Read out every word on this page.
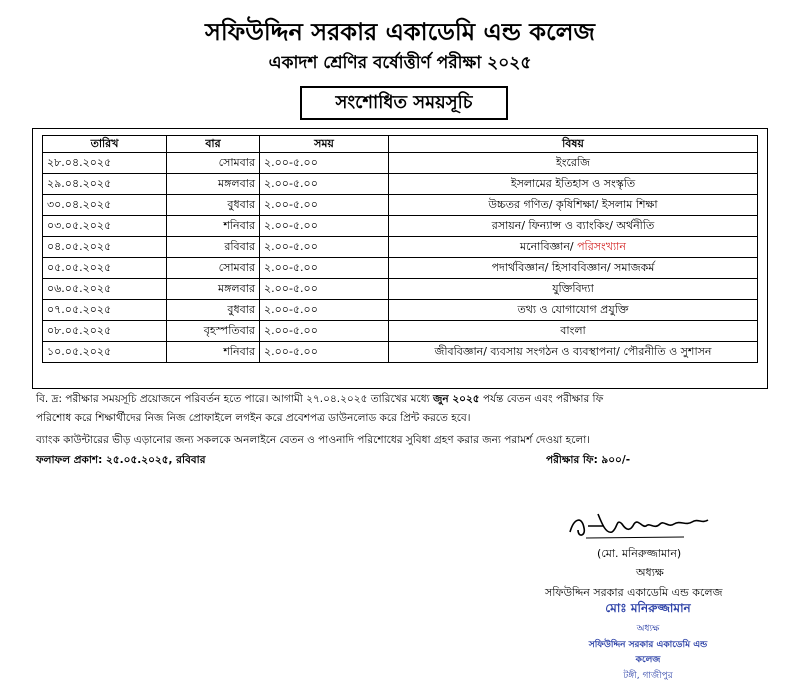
সফিউদ্দিন সরকার একাডেমি এন্ড কলেজ
একাদশ শ্রেণির বর্ষোত্তীর্ণ পরীক্ষা ২০২৫
সংশোধিত সময়সূচি
তারিখ	বার	সময়	বিষয়
২৮.০৪.২০২৫	সোমবার	২.০০-৫.০০	ইংরেজি
২৯.০৪.২০২৫	মঙ্গলবার	২.০০-৫.০০	ইসলামের ইতিহাস ও সংস্কৃতি
৩০.০৪.২০২৫	বুধবার	২.০০-৫.০০	উচ্চতর গণিত/ কৃষিশিক্ষা/ ইসলাম শিক্ষা
০৩.০৫.২০২৫	শনিবার	২.০০-৫.০০	রসায়ন/ ফিন্যান্স ও ব্যাংকিং/ অর্থনীতি
০৪.০৫.২০২৫	রবিবার	২.০০-৫.০০	মনোবিজ্ঞান/ পরিসংখ্যান
০৫.০৫.২০২৫	সোমবার	২.০০-৫.০০	পদার্থবিজ্ঞান/ হিসাববিজ্ঞান/ সমাজকর্ম
০৬.০৫.২০২৫	মঙ্গলবার	২.০০-৫.০০	যুক্তিবিদ্যা
০৭.০৫.২০২৫	বুধবার	২.০০-৫.০০	তথ্য ও যোগাযোগ প্রযুক্তি
০৮.০৫.২০২৫	বৃহস্পতিবার	২.০০-৫.০০	বাংলা
১০.০৫.২০২৫	শনিবার	২.০০-৫.০০	জীববিজ্ঞান/ ব্যবসায় সংগঠন ও ব্যবস্থাপনা/ পৌরনীতি ও সুশাসন
বি. দ্র: পরীক্ষার সময়সূচি প্রয়োজনে পরিবর্তন হতে পারে। আগামী ২৭.০৪.২০২৫ তারিখের মধ্যে জুন ২০২৫ পর্যন্ত বেতন এবং পরীক্ষার ফি
পরিশোধ করে শিক্ষার্থীদের নিজ নিজ প্রোফাইলে লগইন করে প্রবেশপত্র ডাউনলোড করে প্রিন্ট করতে হবে।
ব্যাংক কাউন্টারের ভীড় এড়ানোর জন্য সকলকে অনলাইনে বেতন ও পাওনাদি পরিশোধের সুবিধা গ্রহণ করার জন্য পরামর্শ দেওয়া হলো।
ফলাফল প্রকাশ: ২৫.০৫.২০২৫, রবিবার	পরীক্ষার ফি: ৯০০/-
(মো. মনিরুজ্জামান)
অধ্যক্ষ
সফিউদ্দিন সরকার একাডেমি এন্ড কলেজ
মোঃ মনিরুজ্জামান
অধ্যক্ষ
সফিউদ্দিন সরকার একাডেমি এন্ড কলেজ
টঙ্গী, গাজীপুর
